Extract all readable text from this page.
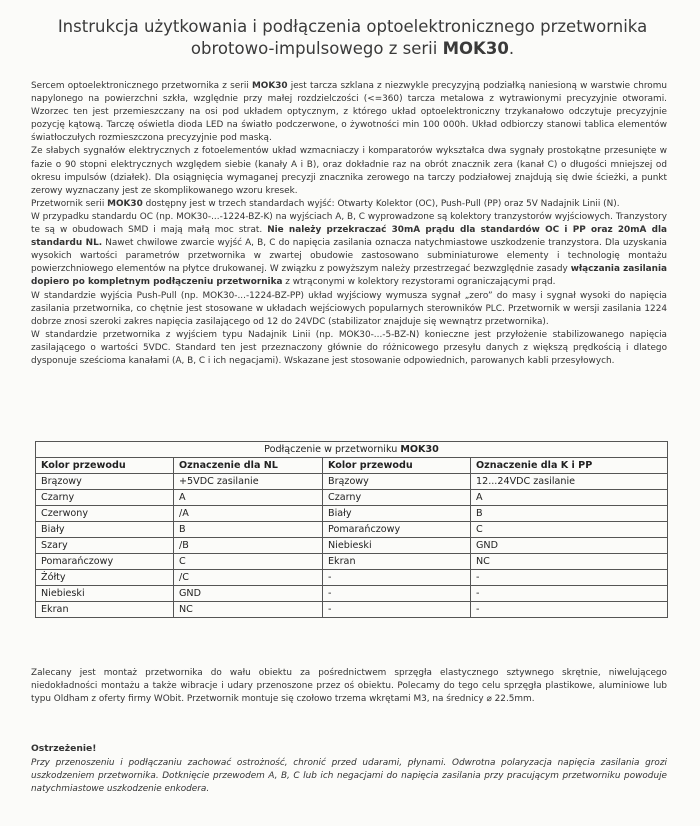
Instrukcja użytkowania i podłączenia optoelektronicznego przetwornika
obrotowo-impulsowego z serii MOK30.

Sercem optoelektronicznego przetwornika z serii MOK30 jest tarcza szklana z niezwykle precyzyjną podziałką naniesioną w warstwie chromu napylonego na powierzchni szkła, względnie przy małej rozdzielczości (<=360) tarcza metalowa z wytrawionymi precyzyjnie otworami. Wzorzec ten jest przemieszczany na osi pod układem optycznym, z którego układ optoelektroniczny trzykanałowo odczytuje precyzyjnie pozycję kątową. Tarczę oświetla dioda LED na światło podczerwone, o żywotności min 100 000h. Układ odbiorczy stanowi tablica elementów światłoczułych rozmieszczona precyzyjnie pod maską.

Ze słabych sygnałów elektrycznych z fotoelementów układ wzmacniaczy i komparatorów wykształca dwa sygnały prostokątne przesunięte w fazie o 90 stopni elektrycznych względem siebie (kanały A i B), oraz dokładnie raz na obrót znacznik zera (kanał C) o długości mniejszej od okresu impulsów (działek). Dla osiągnięcia wymaganej precyzji znacznika zerowego na tarczy podziałowej znajdują się dwie ścieżki, a punkt zerowy wyznaczany jest ze skomplikowanego wzoru kresek.

Przetwornik serii MOK30 dostępny jest w trzech standardach wyjść: Otwarty Kolektor (OC), Push-Pull (PP) oraz 5V Nadajnik Linii (N).

W przypadku standardu OC (np. MOK30-...-1224-BZ-K) na wyjściach A, B, C wyprowadzone są kolektory tranzystorów wyjściowych. Tranzystory te są w obudowach SMD i mają małą moc strat. Nie należy przekraczać 30mA prądu dla standardów OC i PP oraz 20mA dla standardu NL. Nawet chwilowe zwarcie wyjść A, B, C do napięcia zasilania oznacza natychmiastowe uszkodzenie tranzystora. Dla uzyskania wysokich wartości parametrów przetwornika w zwartej obudowie zastosowano subminiaturowe elementy i technologię montażu powierzchniowego elementów na płytce drukowanej. W związku z powyższym należy przestrzegać bezwzględnie zasady włączania zasilania dopiero po kompletnym podłączeniu przetwornika z wtrąconymi w kolektory rezystorami ograniczającymi prąd.

W standardzie wyjścia Push-Pull (np. MOK30-...-1224-BZ-PP) układ wyjściowy wymusza sygnał „zero” do masy i sygnał wysoki do napięcia zasilania przetwornika, co chętnie jest stosowane w układach wejściowych popularnych sterowników PLC. Przetwornik w wersji zasilania 1224 dobrze znosi szeroki zakres napięcia zasilającego od 12 do 24VDC (stabilizator znajduje się wewnątrz przetwornika).

W standardzie przetwornika z wyjściem typu Nadajnik Linii (np. MOK30-...-5-BZ-N) konieczne jest przyłożenie stabilizowanego napięcia zasilającego o wartości 5VDC. Standard ten jest przeznaczony głównie do różnicowego przesyłu danych z większą prędkością i dlatego dysponuje sześcioma kanałami (A, B, C i ich negacjami). Wskazane jest stosowanie odpowiednich, parowanych kabli przesyłowych.

Podłączenie w przetworniku MOK30			
Kolor przewodu	Oznaczenie dla NL	Kolor przewodu	Oznaczenie dla K i PP
Brązowy	+5VDC zasilanie	Brązowy	12...24VDC zasilanie
Czarny	A	Czarny	A
Czerwony	/A	Biały	B
Biały	B	Pomarańczowy	C
Szary	/B	Niebieski	GND
Pomarańczowy	C	Ekran	NC
Żółty	/C	-	-
Niebieski	GND	-	-
Ekran	NC	-	-
Zalecany jest montaż przetwornika do wału obiektu za pośrednictwem sprzęgła elastycznego sztywnego skrętnie, niwelującego niedokładności montażu a także wibracje i udary przenoszone przez oś obiektu. Polecamy do tego celu sprzęgła plastikowe, aluminiowe lub typu Oldham z oferty firmy WObit. Przetwornik montuje się czołowo trzema wkrętami M3, na średnicy ⌀ 22.5mm.
Ostrzeżenie!
Przy przenoszeniu i podłączaniu zachować ostrożność, chronić przed udarami, płynami. Odwrotna polaryzacja napięcia zasilania grozi uszkodzeniem przetwornika. Dotknięcie przewodem A, B, C lub ich negacjami do napięcia zasilania przy pracującym przetworniku powoduje natychmiastowe uszkodzenie enkodera.
